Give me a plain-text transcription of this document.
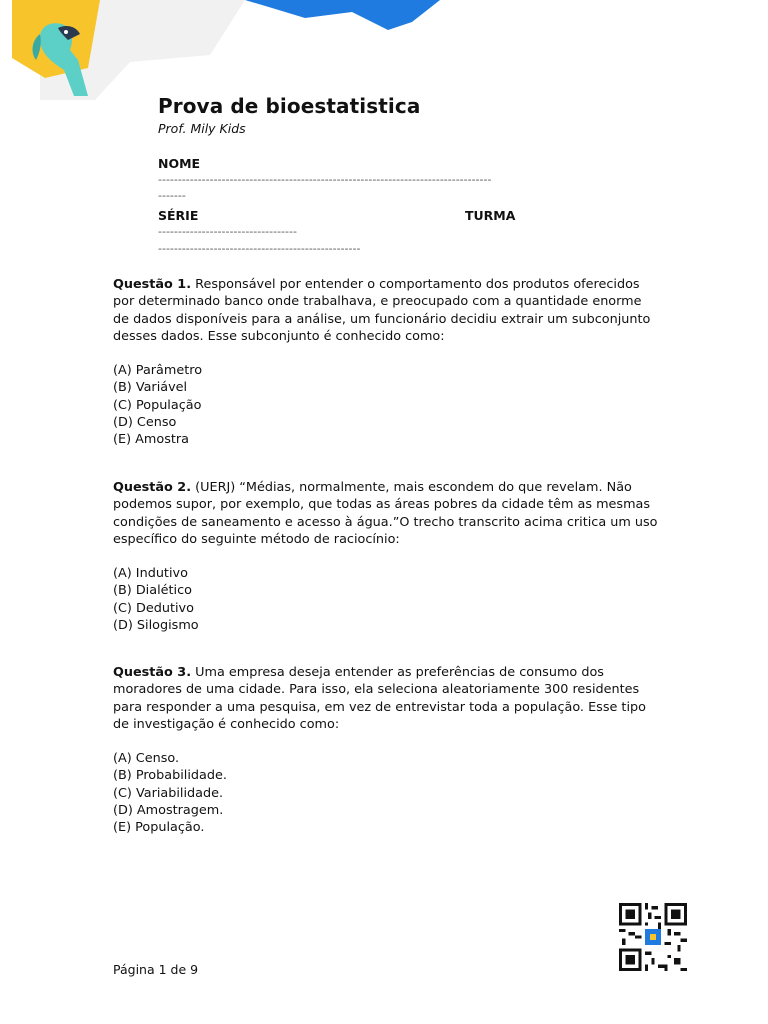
Prova de bioestatistica
Prof. Mily Kids
NOME
------------------------------------------------------------------------------------
-------
SÉRIE	TURMA
-----------------------------------
---------------------------------------------------
Questão 1. Responsável por entender o comportamento dos produtos oferecidos por determinado banco onde trabalhava, e preocupado com a quantidade enorme de dados disponíveis para a análise, um funcionário decidiu extrair um subconjunto desses dados. Esse subconjunto é conhecido como:
(A) Parâmetro
(B) Variável
(C) População
(D) Censo
(E) Amostra
Questão 2. (UERJ) “Médias, normalmente, mais escondem do que revelam. Não podemos supor, por exemplo, que todas as áreas pobres da cidade têm as mesmas condições de saneamento e acesso à água.”O trecho transcrito acima critica um uso específico do seguinte método de raciocínio:
(A) Indutivo
(B) Dialético
(C) Dedutivo
(D) Silogismo
Questão 3. Uma empresa deseja entender as preferências de consumo dos moradores de uma cidade. Para isso, ela seleciona aleatoriamente 300 residentes para responder a uma pesquisa, em vez de entrevistar toda a população. Esse tipo de investigação é conhecido como:
(A) Censo.
(B) Probabilidade.
(C) Variabilidade.
(D) Amostragem.
(E) População.
Página 1 de 9
